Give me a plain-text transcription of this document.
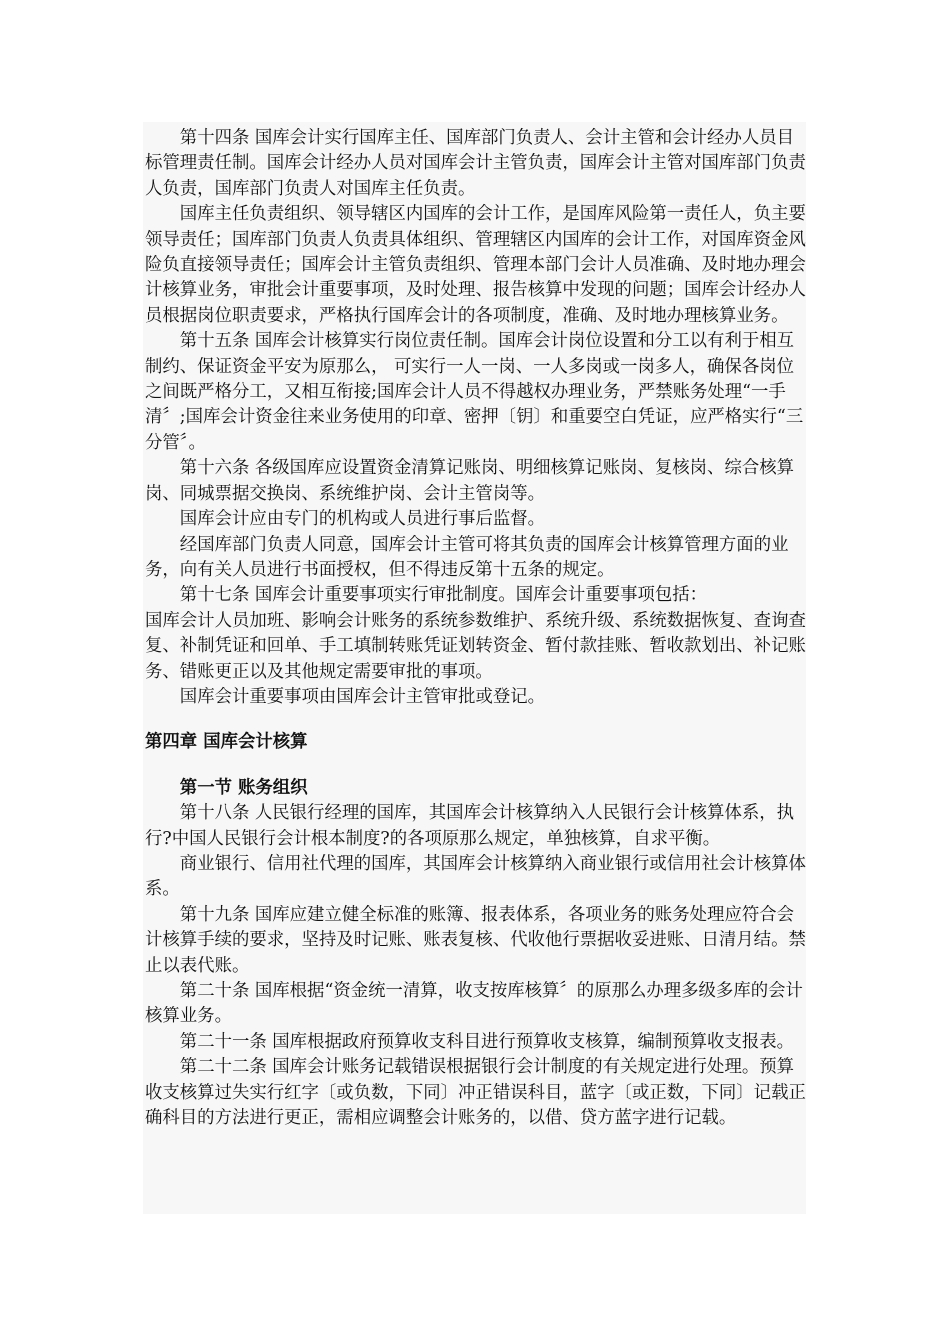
第十四条 国库会计实行国库主任、国库部门负责人、会计主管和会计经办人员目标管理责任制。国库会计经办人员对国库会计主管负责，国库会计主管对国库部门负责人负责，国库部门负责人对国库主任负责。

国库主任负责组织、领导辖区内国库的会计工作，是国库风险第一责任人，负主要领导责任；国库部门负责人负责具体组织、管理辖区内国库的会计工作，对国库资金风险负直接领导责任；国库会计主管负责组织、管理本部门会计人员准确、及时地办理会计核算业务，审批会计重要事项，及时处理、报告核算中发现的问题；国库会计经办人员根据岗位职责要求，严格执行国库会计的各项制度，准确、及时地办理核算业务。

第十五条 国库会计核算实行岗位责任制。国库会计岗位设置和分工以有利于相互制约、保证资金平安为原那么， 可实行一人一岗、一人多岗或一岗多人，确保各岗位之间既严格分工，又相互衔接;国库会计人员不得越权办理业务，严禁账务处理“一手清〞;国库会计资金往来业务使用的印章、密押〔钥〕和重要空白凭证，应严格实行“三分管〞。

第十六条 各级国库应设置资金清算记账岗、明细核算记账岗、复核岗、综合核算岗、同城票据交换岗、系统维护岗、会计主管岗等。

国库会计应由专门的机构或人员进行事后监督。

经国库部门负责人同意，国库会计主管可将其负责的国库会计核算管理方面的业务，向有关人员进行书面授权，但不得违反第十五条的规定。

第十七条 国库会计重要事项实行审批制度。国库会计重要事项包括：

国库会计人员加班、影响会计账务的系统参数维护、系统升级、系统数据恢复、查询查复、补制凭证和回单、手工填制转账凭证划转资金、暂付款挂账、暂收款划出、补记账务、错账更正以及其他规定需要审批的事项。

国库会计重要事项由国库会计主管审批或登记。

第四章 国库会计核算
第一节 账务组织

第十八条 人民银行经理的国库，其国库会计核算纳入人民银行会计核算体系，执行?中国人民银行会计根本制度?的各项原那么规定，单独核算，自求平衡。

商业银行、信用社代理的国库，其国库会计核算纳入商业银行或信用社会计核算体系。

第十九条 国库应建立健全标准的账簿、报表体系，各项业务的账务处理应符合会计核算手续的要求，坚持及时记账、账表复核、代收他行票据收妥进账、日清月结。禁止以表代账。

第二十条 国库根据“资金统一清算，收支按库核算〞的原那么办理多级多库的会计核算业务。

第二十一条 国库根据政府预算收支科目进行预算收支核算，编制预算收支报表。

第二十二条 国库会计账务记载错误根据银行会计制度的有关规定进行处理。预算收支核算过失实行红字〔或负数，下同〕冲正错误科目，蓝字〔或正数，下同〕记载正确科目的方法进行更正，需相应调整会计账务的，以借、贷方蓝字进行记载。
